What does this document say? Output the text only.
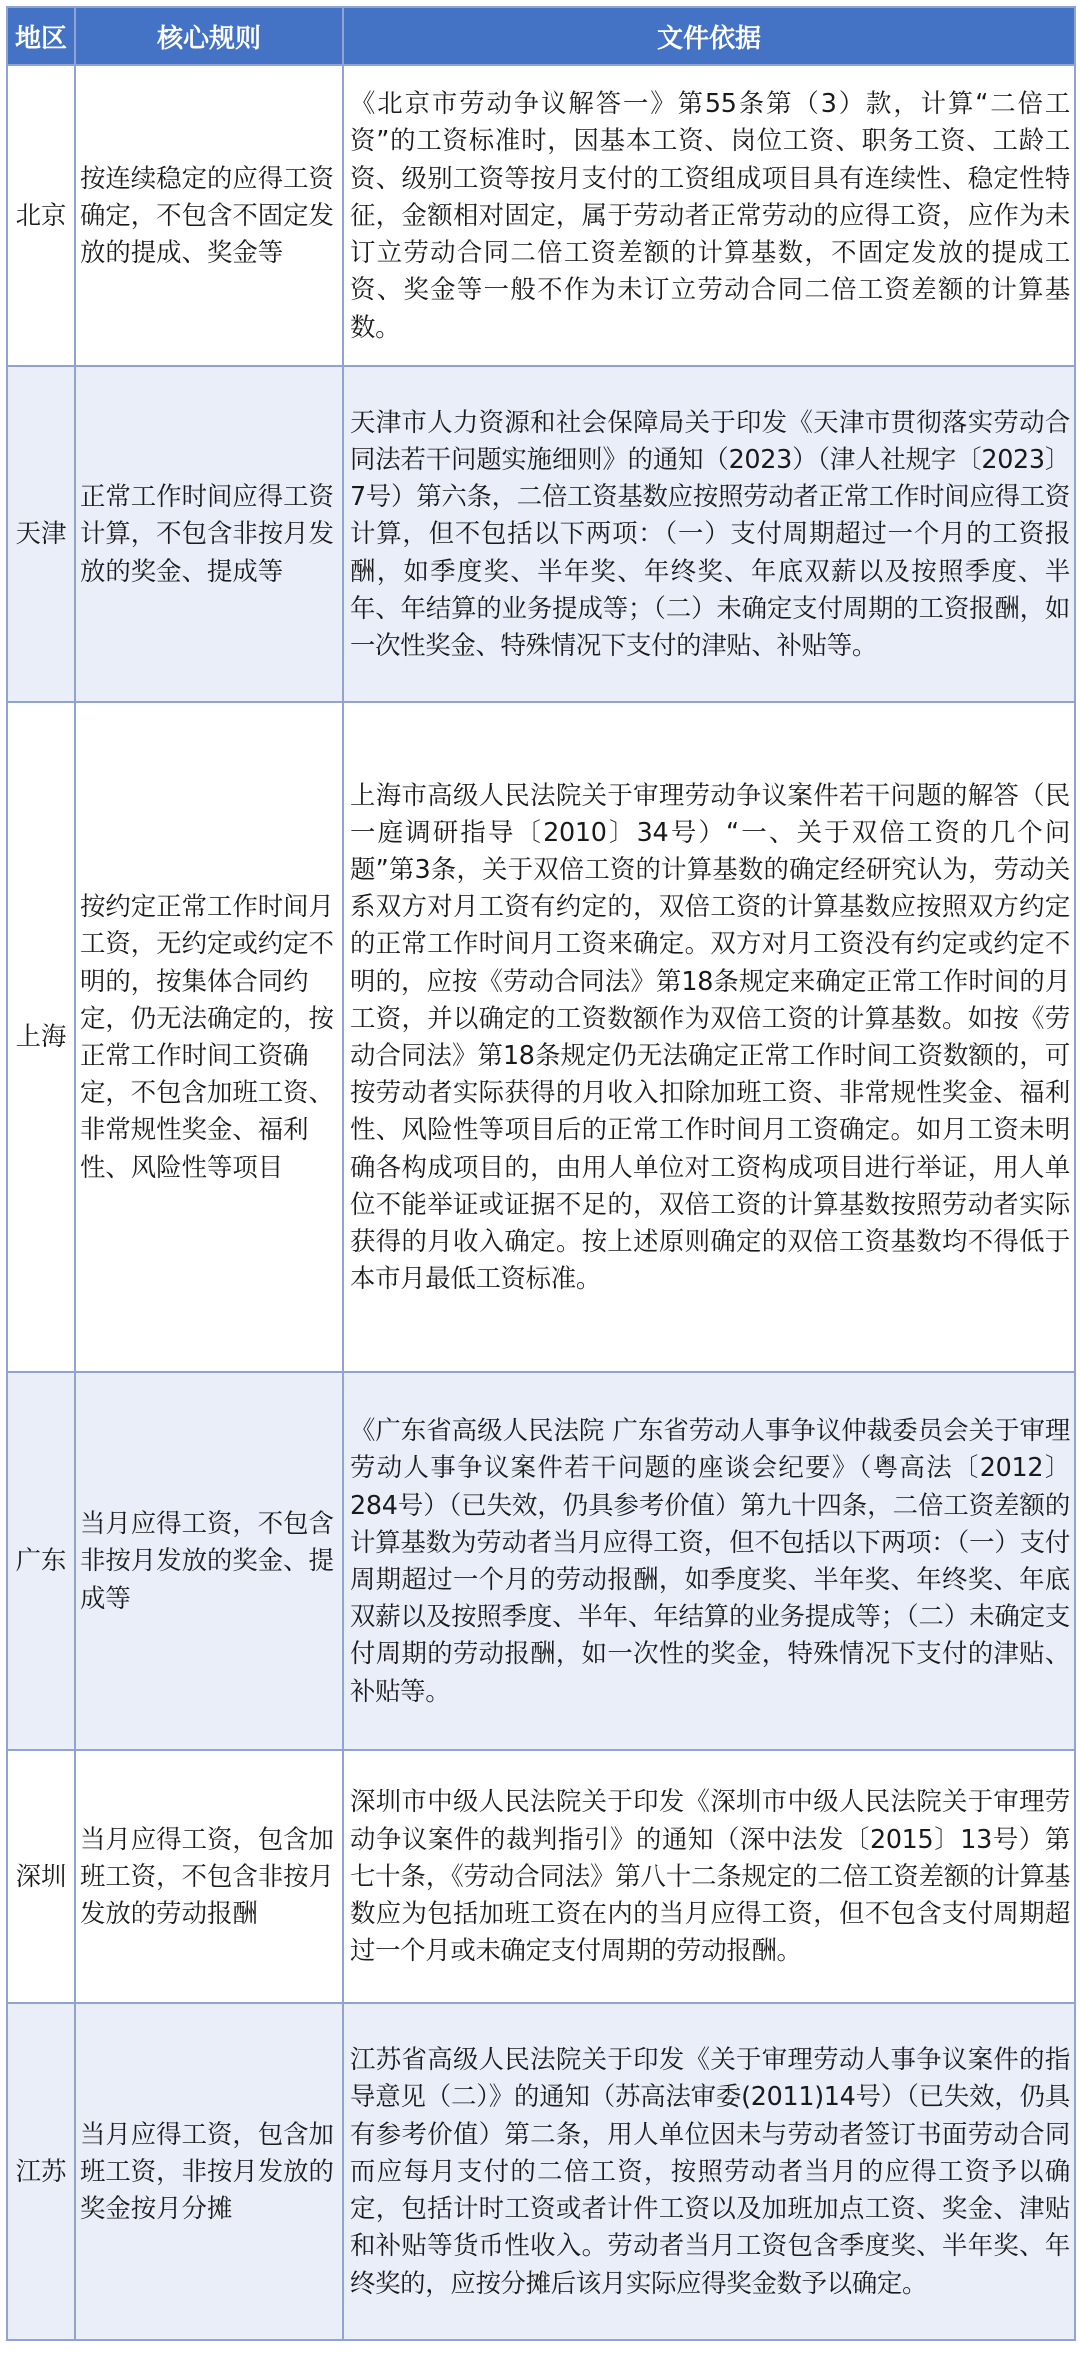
地区	核心规则	文件依据
北京	按连续稳定的应得工资确定，不包含不固定发放的提成、奖金等	《北京市劳动争议解答一》第55条第（3）款，计算“二倍工资”的工资标准时，因基本工资、岗位工资、职务工资、工龄工资、级别工资等按月支付的工资组成项目具有连续性、稳定性特征，金额相对固定，属于劳动者正常劳动的应得工资，应作为未订立劳动合同二倍工资差额的计算基数，不固定发放的提成工资、奖金等一般不作为未订立劳动合同二倍工资差额的计算基数。
天津	正常工作时间应得工资计算，不包含非按月发放的奖金、提成等	天津市人力资源和社会保障局关于印发《天津市贯彻落实劳动合同法若干问题实施细则》的通知（2023）（津人社规字〔2023〕7号）第六条，二倍工资基数应按照劳动者正常工作时间应得工资计算，但不包括以下两项：（一）支付周期超过一个月的工资报酬，如季度奖、半年奖、年终奖、年底双薪以及按照季度、半年、年结算的业务提成等；（二）未确定支付周期的工资报酬，如一次性奖金、特殊情况下支付的津贴、补贴等。
上海	按约定正常工作时间月工资，无约定或约定不明的，按集体合同约定，仍无法确定的，按正常工作时间工资确定，不包含加班工资、非常规性奖金、福利性、风险性等项目	上海市高级人民法院关于审理劳动争议案件若干问题的解答（民一庭调研指导〔2010〕34号）“一、关于双倍工资的几个问题”第3条，关于双倍工资的计算基数的确定经研究认为，劳动关系双方对月工资有约定的，双倍工资的计算基数应按照双方约定的正常工作时间月工资来确定。双方对月工资没有约定或约定不明的，应按《劳动合同法》第18条规定来确定正常工作时间的月工资，并以确定的工资数额作为双倍工资的计算基数。如按《劳动合同法》第18条规定仍无法确定正常工作时间工资数额的，可按劳动者实际获得的月收入扣除加班工资、非常规性奖金、福利性、风险性等项目后的正常工作时间月工资确定。如月工资未明确各构成项目的，由用人单位对工资构成项目进行举证，用人单位不能举证或证据不足的，双倍工资的计算基数按照劳动者实际获得的月收入确定。按上述原则确定的双倍工资基数均不得低于本市月最低工资标准。
广东	当月应得工资，不包含非按月发放的奖金、提成等	《广东省高级人民法院 广东省劳动人事争议仲裁委员会关于审理劳动人事争议案件若干问题的座谈会纪要》（粤高法〔2012〕284号）（已失效，仍具参考价值）第九十四条，二倍工资差额的计算基数为劳动者当月应得工资，但不包括以下两项：（一）支付周期超过一个月的劳动报酬，如季度奖、半年奖、年终奖、年底双薪以及按照季度、半年、年结算的业务提成等；（二）未确定支付周期的劳动报酬，如一次性的奖金，特殊情况下支付的津贴、补贴等。
深圳	当月应得工资，包含加班工资，不包含非按月发放的劳动报酬	深圳市中级人民法院关于印发《深圳市中级人民法院关于审理劳动争议案件的裁判指引》的通知（深中法发〔2015〕13号）第七十条，《劳动合同法》第八十二条规定的二倍工资差额的计算基数应为包括加班工资在内的当月应得工资，但不包含支付周期超过一个月或未确定支付周期的劳动报酬。
江苏	当月应得工资，包含加班工资，非按月发放的奖金按月分摊	江苏省高级人民法院关于印发《关于审理劳动人事争议案件的指导意见（二）》的通知（苏高法审委(2011)14号）（已失效，仍具有参考价值）第二条，用人单位因未与劳动者签订书面劳动合同而应每月支付的二倍工资，按照劳动者当月的应得工资予以确定，包括计时工资或者计件工资以及加班加点工资、奖金、津贴和补贴等货币性收入。劳动者当月工资包含季度奖、半年奖、年终奖的，应按分摊后该月实际应得奖金数予以确定。
